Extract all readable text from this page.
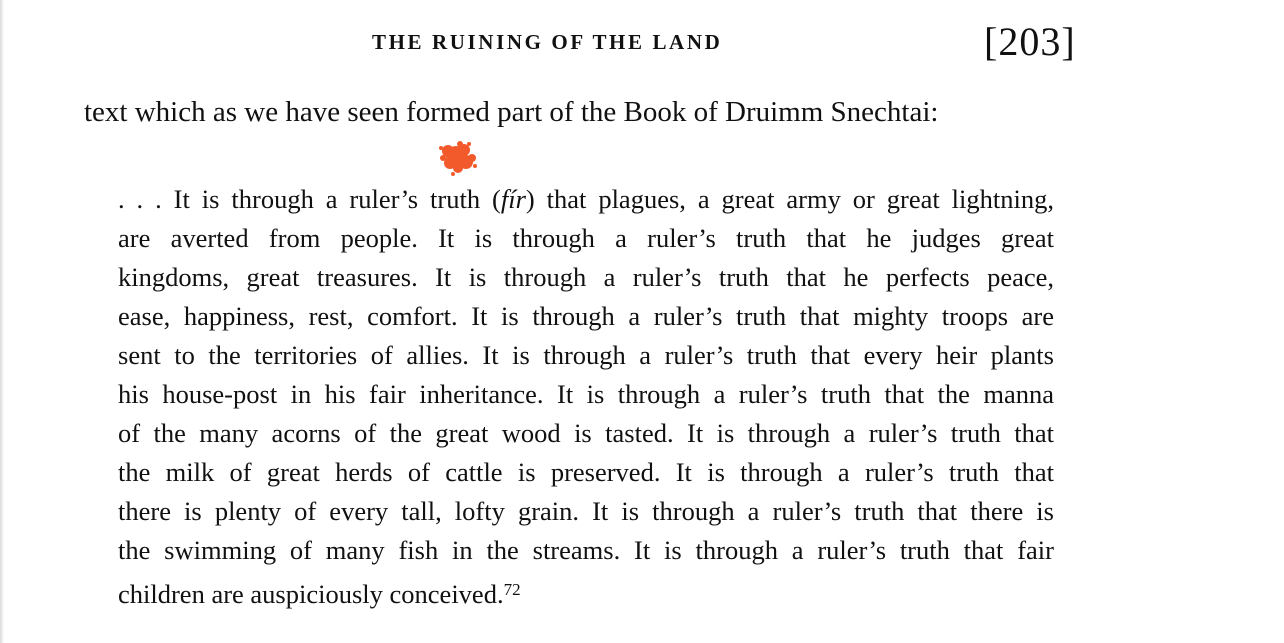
THE RUINING OF THE LAND	[203]
text which as we have seen formed part of the Book of Druimm Snechtai:
. . . It is through a ruler’s truth (fír) that plagues, a great army or great lightning,
are averted from people. It is through a ruler’s truth that he judges great
kingdoms, great treasures. It is through a ruler’s truth that he perfects peace,
ease, happiness, rest, comfort. It is through a ruler’s truth that mighty troops are
sent to the territories of allies. It is through a ruler’s truth that every heir plants
his house-post in his fair inheritance. It is through a ruler’s truth that the manna
of the many acorns of the great wood is tasted. It is through a ruler’s truth that
the milk of great herds of cattle is preserved. It is through a ruler’s truth that
there is plenty of every tall, lofty grain. It is through a ruler’s truth that there is
the swimming of many fish in the streams. It is through a ruler’s truth that fair
children are auspiciously conceived.$^{72}$
